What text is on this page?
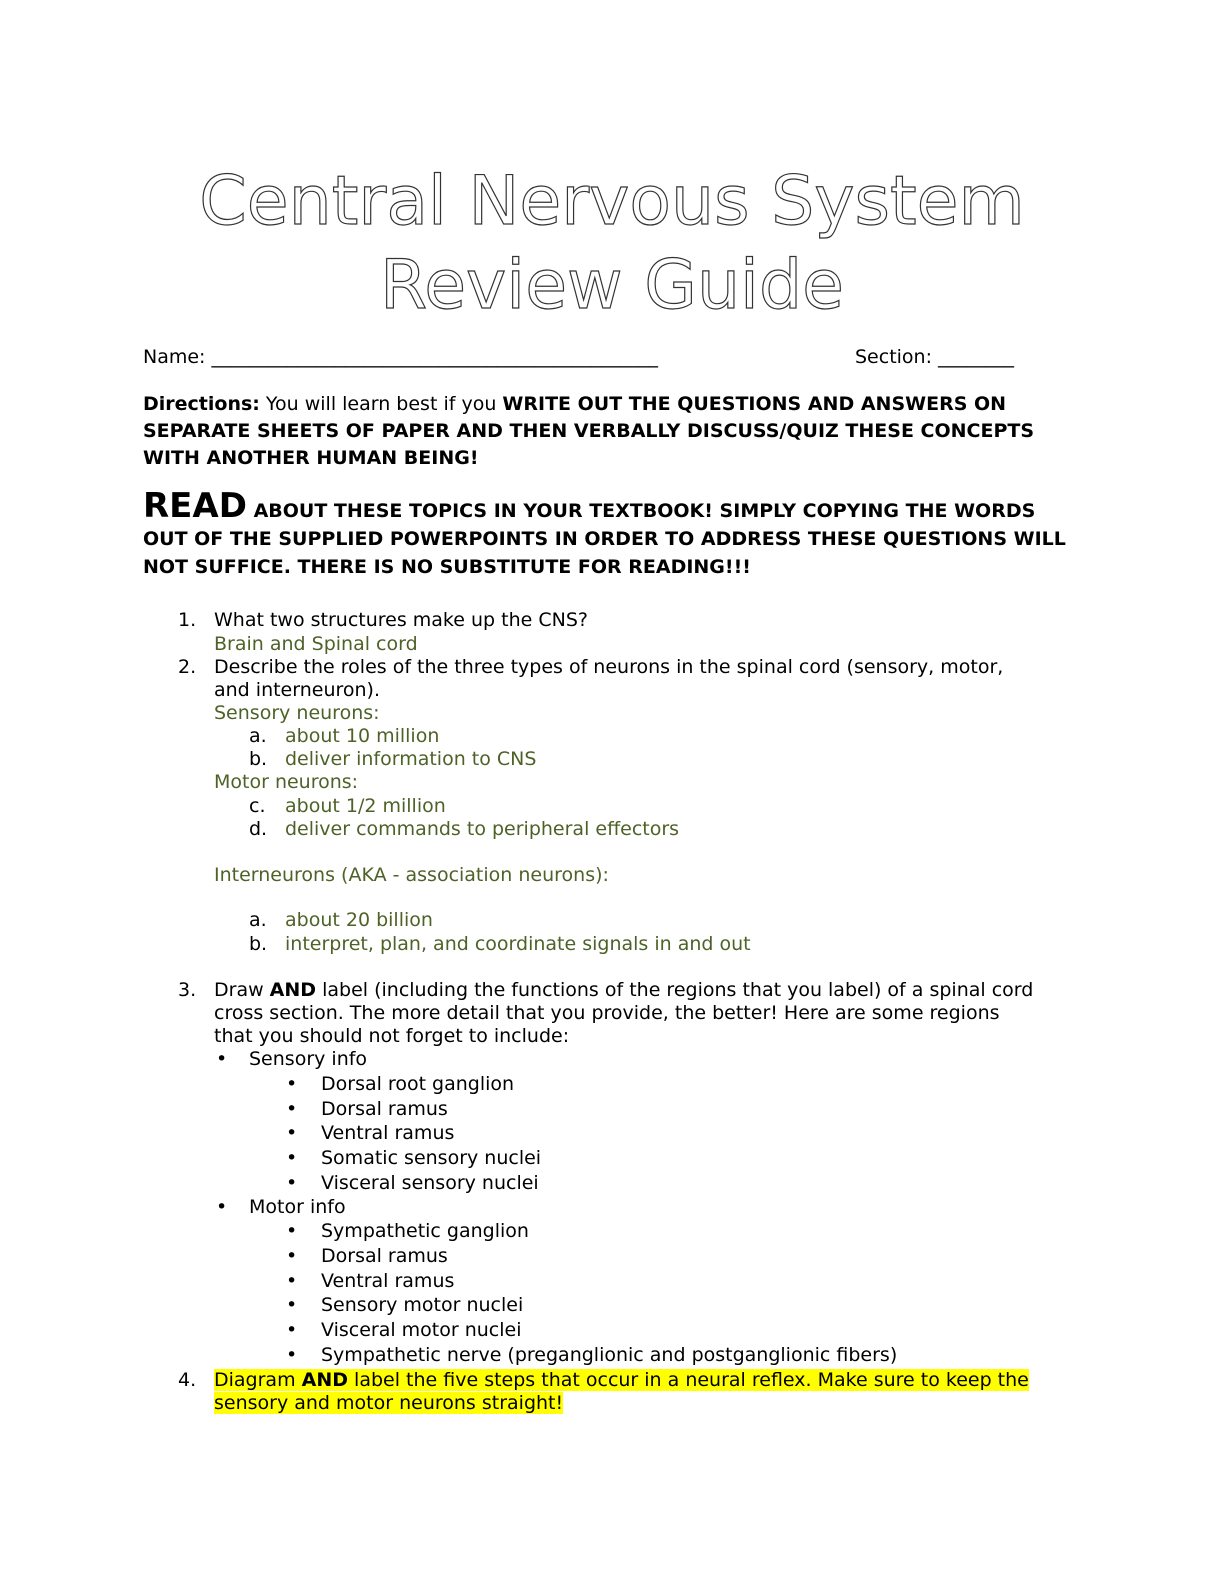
Central Nervous System
Review Guide
Name: _______________________________________________	Section: ________
Directions: You will learn best if you WRITE OUT THE QUESTIONS AND ANSWERS ON SEPARATE SHEETS OF PAPER AND THEN VERBALLY DISCUSS/QUIZ THESE CONCEPTS WITH ANOTHER HUMAN BEING!
READ ABOUT THESE TOPICS IN YOUR TEXTBOOK! SIMPLY COPYING THE WORDS OUT OF THE SUPPLIED POWERPOINTS IN ORDER TO ADDRESS THESE QUESTIONS WILL NOT SUFFICE. THERE IS NO SUBSTITUTE FOR READING!!!
1. What two structures make up the CNS?
Brain and Spinal cord
2. Describe the roles of the three types of neurons in the spinal cord (sensory, motor,
and interneuron).
Sensory neurons:
a. about 10 million
b. deliver information to CNS
Motor neurons:
c. about 1/2 million
d. deliver commands to peripheral effectors
Interneurons (AKA - association neurons):
a. about 20 billion
b. interpret, plan, and coordinate signals in and out
3. Draw AND label (including the functions of the regions that you label) of a spinal cord
cross section. The more detail that you provide, the better! Here are some regions
that you should not forget to include:
• Sensory info
• Dorsal root ganglion
• Dorsal ramus
• Ventral ramus
• Somatic sensory nuclei
• Visceral sensory nuclei
• Motor info
• Sympathetic ganglion
• Dorsal ramus
• Ventral ramus
• Sensory motor nuclei
• Visceral motor nuclei
• Sympathetic nerve (preganglionic and postganglionic fibers)
4. Diagram AND label the five steps that occur in a neural reflex. Make sure to keep the
sensory and motor neurons straight!
